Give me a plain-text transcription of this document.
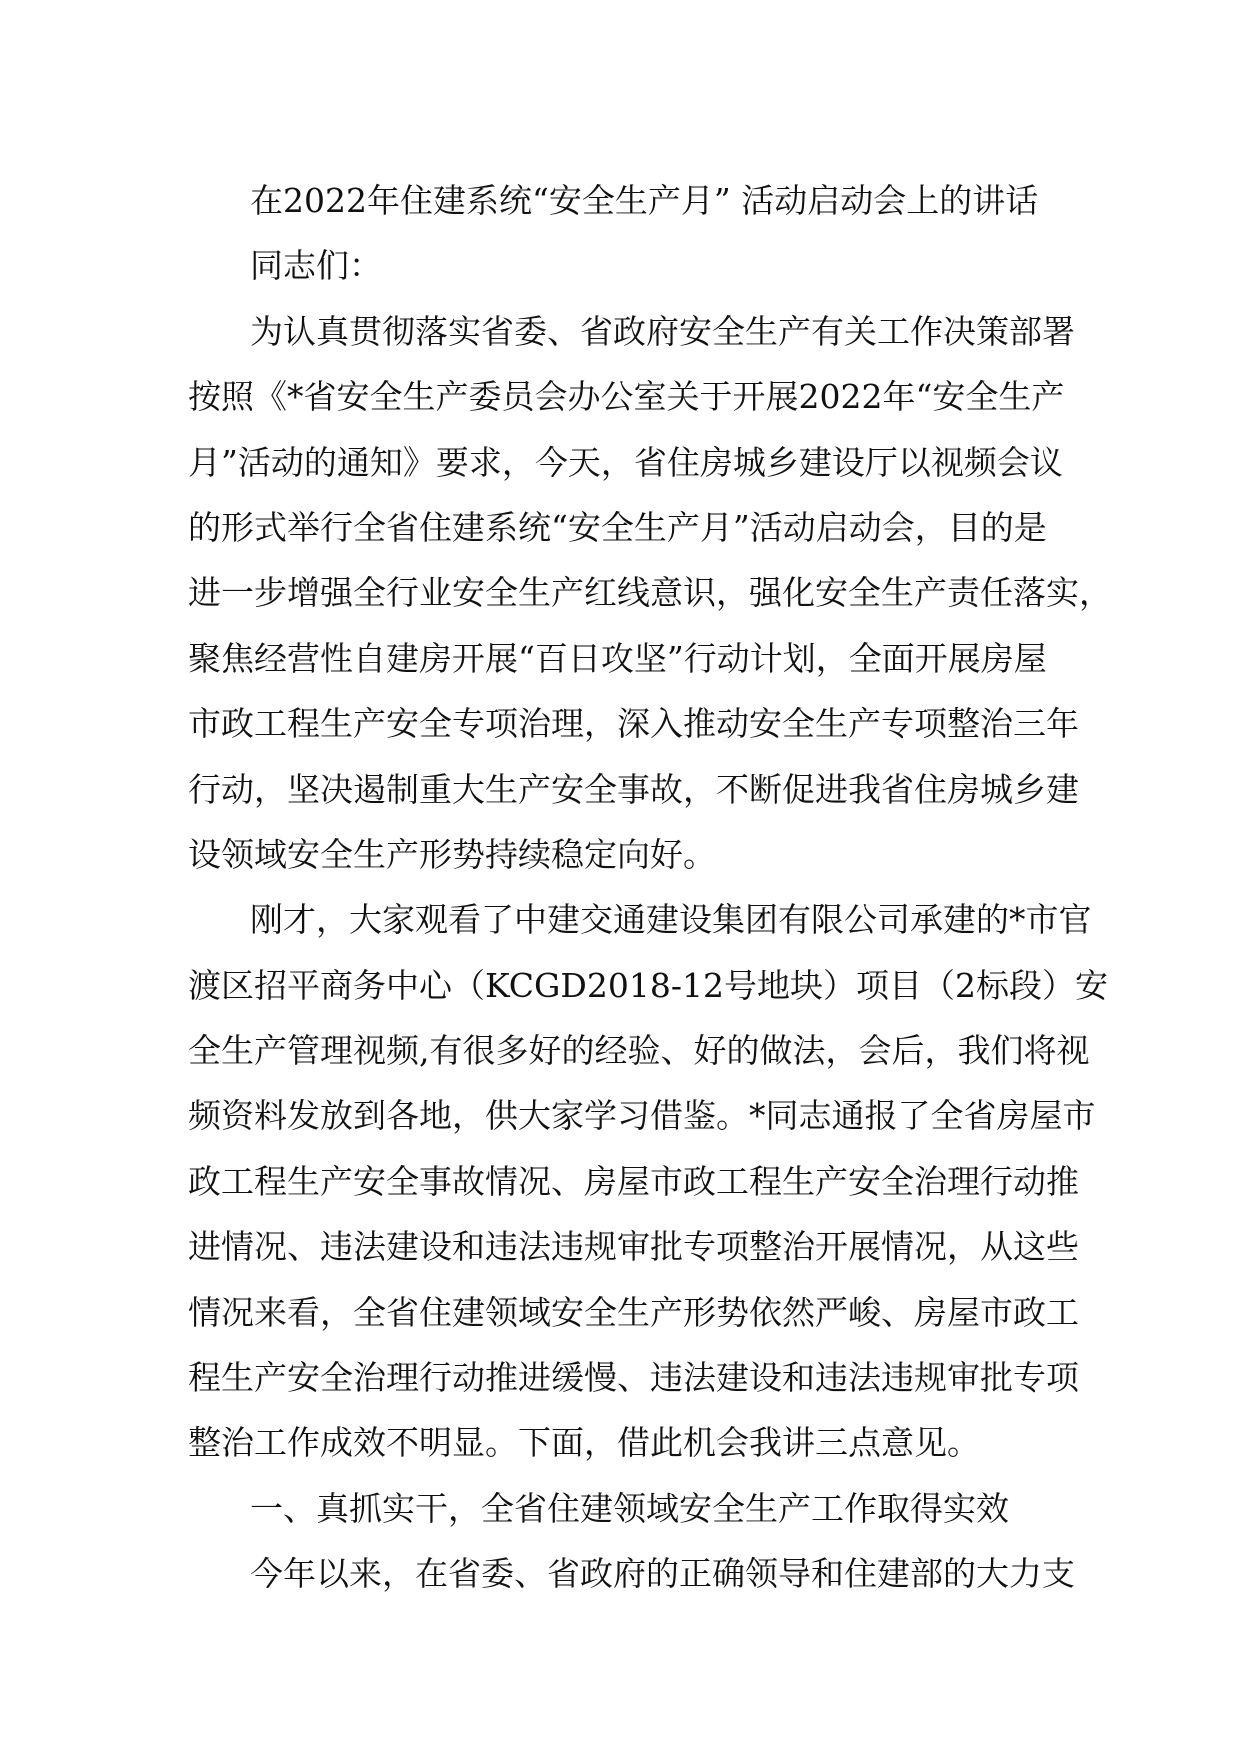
在2022年住建系统“安全生产月” 活动启动会上的讲话
同志们：
为认真贯彻落实省委、省政府安全生产有关工作决策部署
按照《*省安全生产委员会办公室关于开展2022年“安全生产
月”活动的通知》要求，今天，省住房城乡建设厅以视频会议
的形式举行全省住建系统“安全生产月”活动启动会，目的是
进一步增强全行业安全生产红线意识，强化安全生产责任落实，
聚焦经营性自建房开展“百日攻坚”行动计划，全面开展房屋
市政工程生产安全专项治理，深入推动安全生产专项整治三年
行动，坚决遏制重大生产安全事故，不断促进我省住房城乡建
设领域安全生产形势持续稳定向好。
刚才，大家观看了中建交通建设集团有限公司承建的*市官
渡区招平商务中心（KCGD2018-12号地块）项目（2标段）安
全生产管理视频,有很多好的经验、好的做法，会后，我们将视
频资料发放到各地，供大家学习借鉴。*同志通报了全省房屋市
政工程生产安全事故情况、房屋市政工程生产安全治理行动推
进情况、违法建设和违法违规审批专项整治开展情况，从这些
情况来看，全省住建领域安全生产形势依然严峻、房屋市政工
程生产安全治理行动推进缓慢、违法建设和违法违规审批专项
整治工作成效不明显。下面，借此机会我讲三点意见。
一、真抓实干，全省住建领域安全生产工作取得实效
今年以来，在省委、省政府的正确领导和住建部的大力支
